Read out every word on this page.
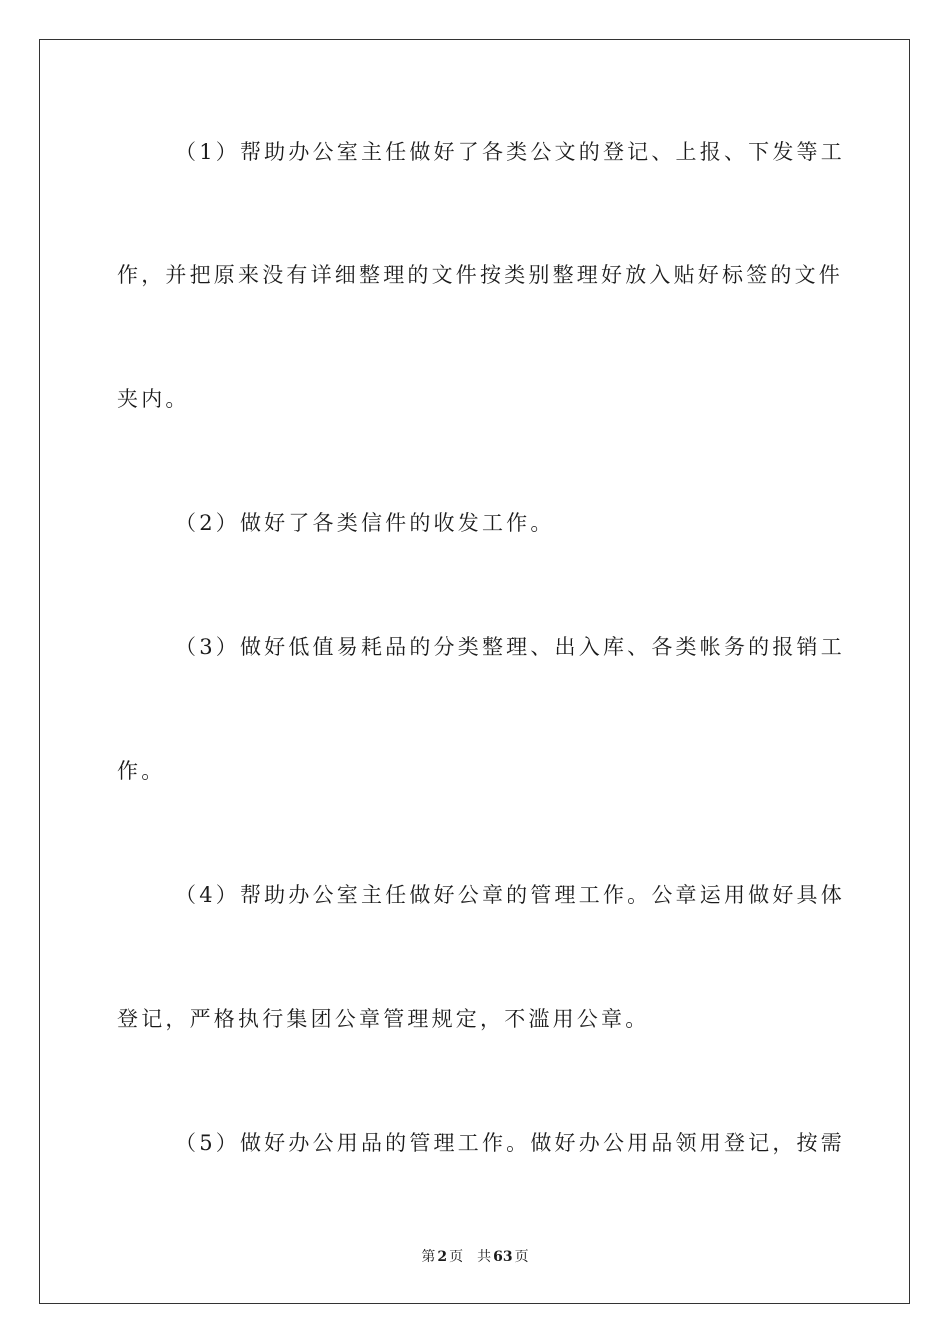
（1）帮助办公室主任做好了各类公文的登记、上报、下发等工
作，并把原来没有详细整理的文件按类别整理好放入贴好标签的文件
夹内。
（2）做好了各类信件的收发工作。
（3）做好低值易耗品的分类整理、出入库、各类帐务的报销工
作。
（4）帮助办公室主任做好公章的管理工作。公章运用做好具体
登记，严格执行集团公章管理规定，不滥用公章。
（5）做好办公用品的管理工作。做好办公用品领用登记，按需
第 2 页 共 63 页
